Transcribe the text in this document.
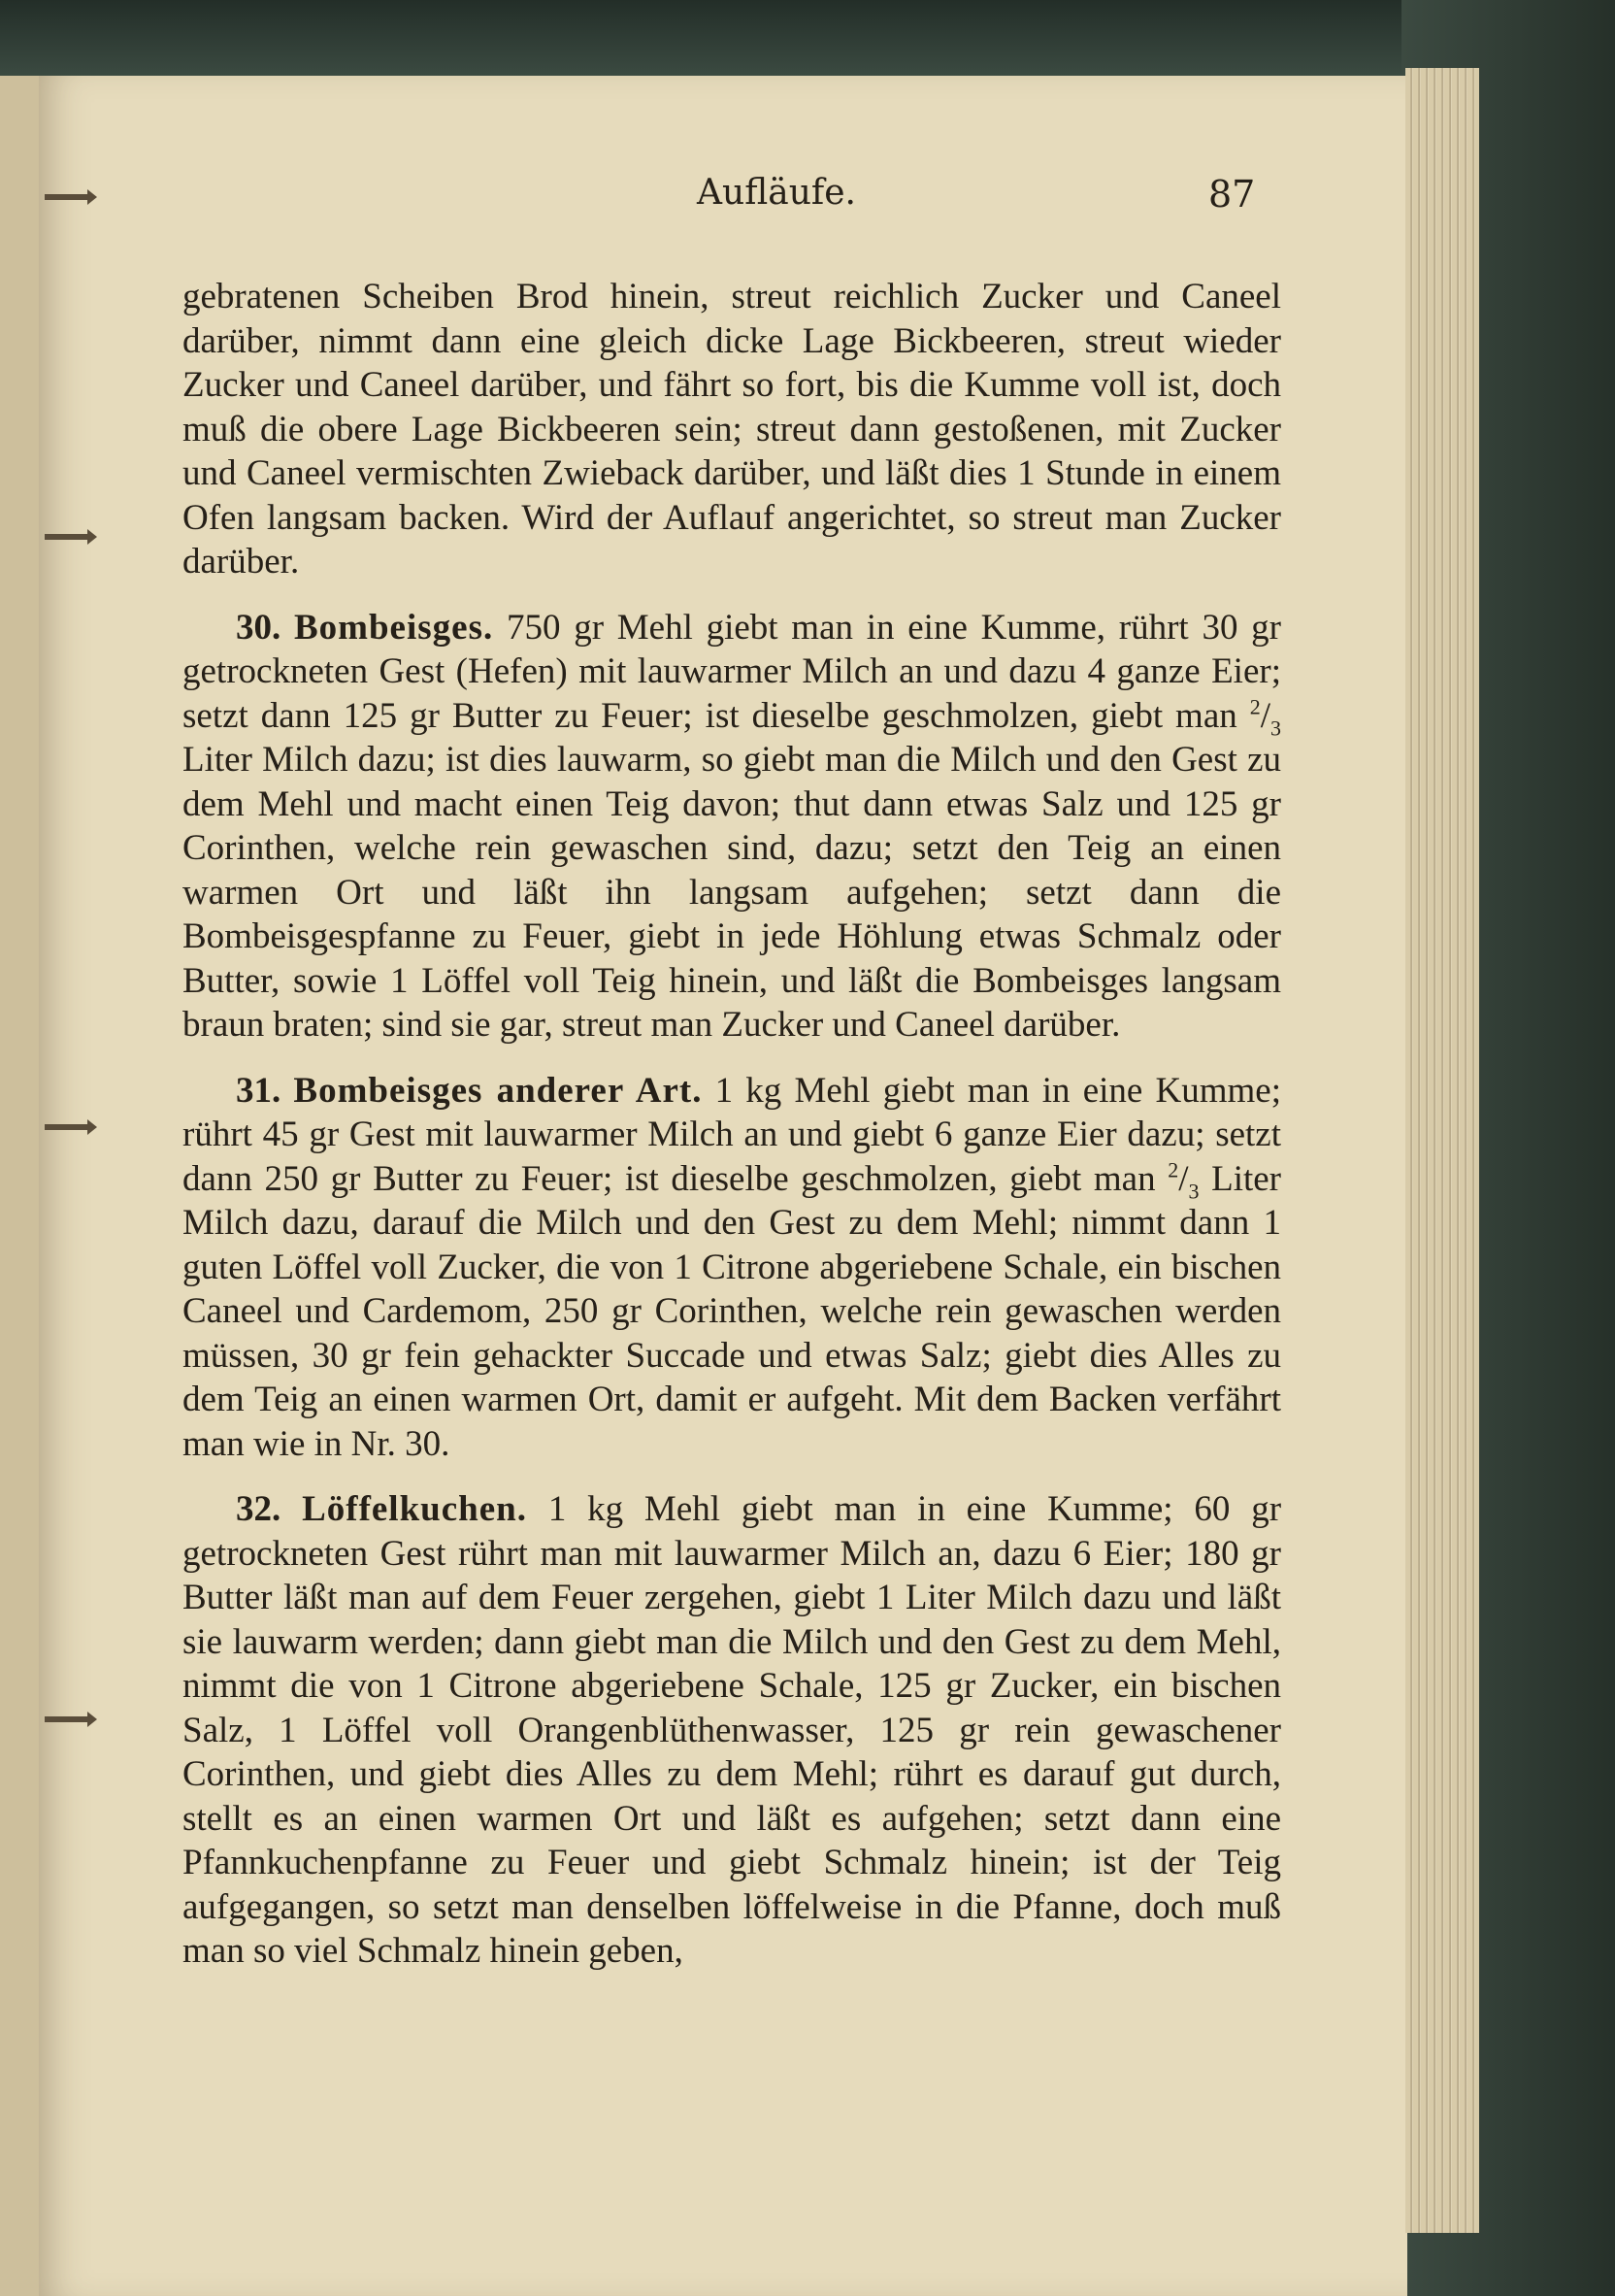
Aufläufe.	87

gebratenen Scheiben Brod hinein, streut reichlich Zucker und Caneel darüber, nimmt dann eine gleich dicke Lage Bickbeeren, streut wieder Zucker und Caneel darüber, und fährt so fort, bis die Kumme voll ist, doch muß die obere Lage Bickbeeren sein; streut dann gestoßenen, mit Zucker und Caneel vermischten Zwieback darüber, und läßt dies 1 Stunde in einem Ofen langsam backen. Wird der Auflauf angerichtet, so streut man Zucker darüber.

30. Bombeisges. 750 gr Mehl giebt man in eine Kumme, rührt 30 gr getrockneten Gest (Hefen) mit lauwarmer Milch an und dazu 4 ganze Eier; setzt dann 125 gr Butter zu Feuer; ist dieselbe geschmolzen, giebt man $^2/_3$ Liter Milch dazu; ist dies lauwarm, so giebt man die Milch und den Gest zu dem Mehl und macht einen Teig davon; thut dann etwas Salz und 125 gr Corinthen, welche rein gewaschen sind, dazu; setzt den Teig an einen warmen Ort und läßt ihn langsam aufgehen; setzt dann die Bombeisgespfanne zu Feuer, giebt in jede Höhlung etwas Schmalz oder Butter, sowie 1 Löffel voll Teig hinein, und läßt die Bombeisges langsam braun braten; sind sie gar, streut man Zucker und Caneel darüber.

31. Bombeisges anderer Art. 1 kg Mehl giebt man in eine Kumme; rührt 45 gr Gest mit lauwarmer Milch an und giebt 6 ganze Eier dazu; setzt dann 250 gr Butter zu Feuer; ist dieselbe geschmolzen, giebt man $^2/_3$ Liter Milch dazu, darauf die Milch und den Gest zu dem Mehl; nimmt dann 1 guten Löffel voll Zucker, die von 1 Citrone abgeriebene Schale, ein bischen Caneel und Cardemom, 250 gr Corinthen, welche rein gewaschen werden müssen, 30 gr fein gehackter Succade und etwas Salz; giebt dies Alles zu dem Teig an einen warmen Ort, damit er aufgeht. Mit dem Backen verfährt man wie in Nr. 30.

32. Löffelkuchen. 1 kg Mehl giebt man in eine Kumme; 60 gr getrockneten Gest rührt man mit lauwarmer Milch an, dazu 6 Eier; 180 gr Butter läßt man auf dem Feuer zergehen, giebt 1 Liter Milch dazu und läßt sie lauwarm werden; dann giebt man die Milch und den Gest zu dem Mehl, nimmt die von 1 Citrone abgeriebene Schale, 125 gr Zucker, ein bischen Salz, 1 Löffel voll Orangenblüthenwasser, 125 gr rein gewaschener Corinthen, und giebt dies Alles zu dem Mehl; rührt es darauf gut durch, stellt es an einen warmen Ort und läßt es aufgehen; setzt dann eine Pfannkuchenpfanne zu Feuer und giebt Schmalz hinein; ist der Teig aufgegangen, so setzt man denselben löffelweise in die Pfanne, doch muß man so viel Schmalz hinein geben,
